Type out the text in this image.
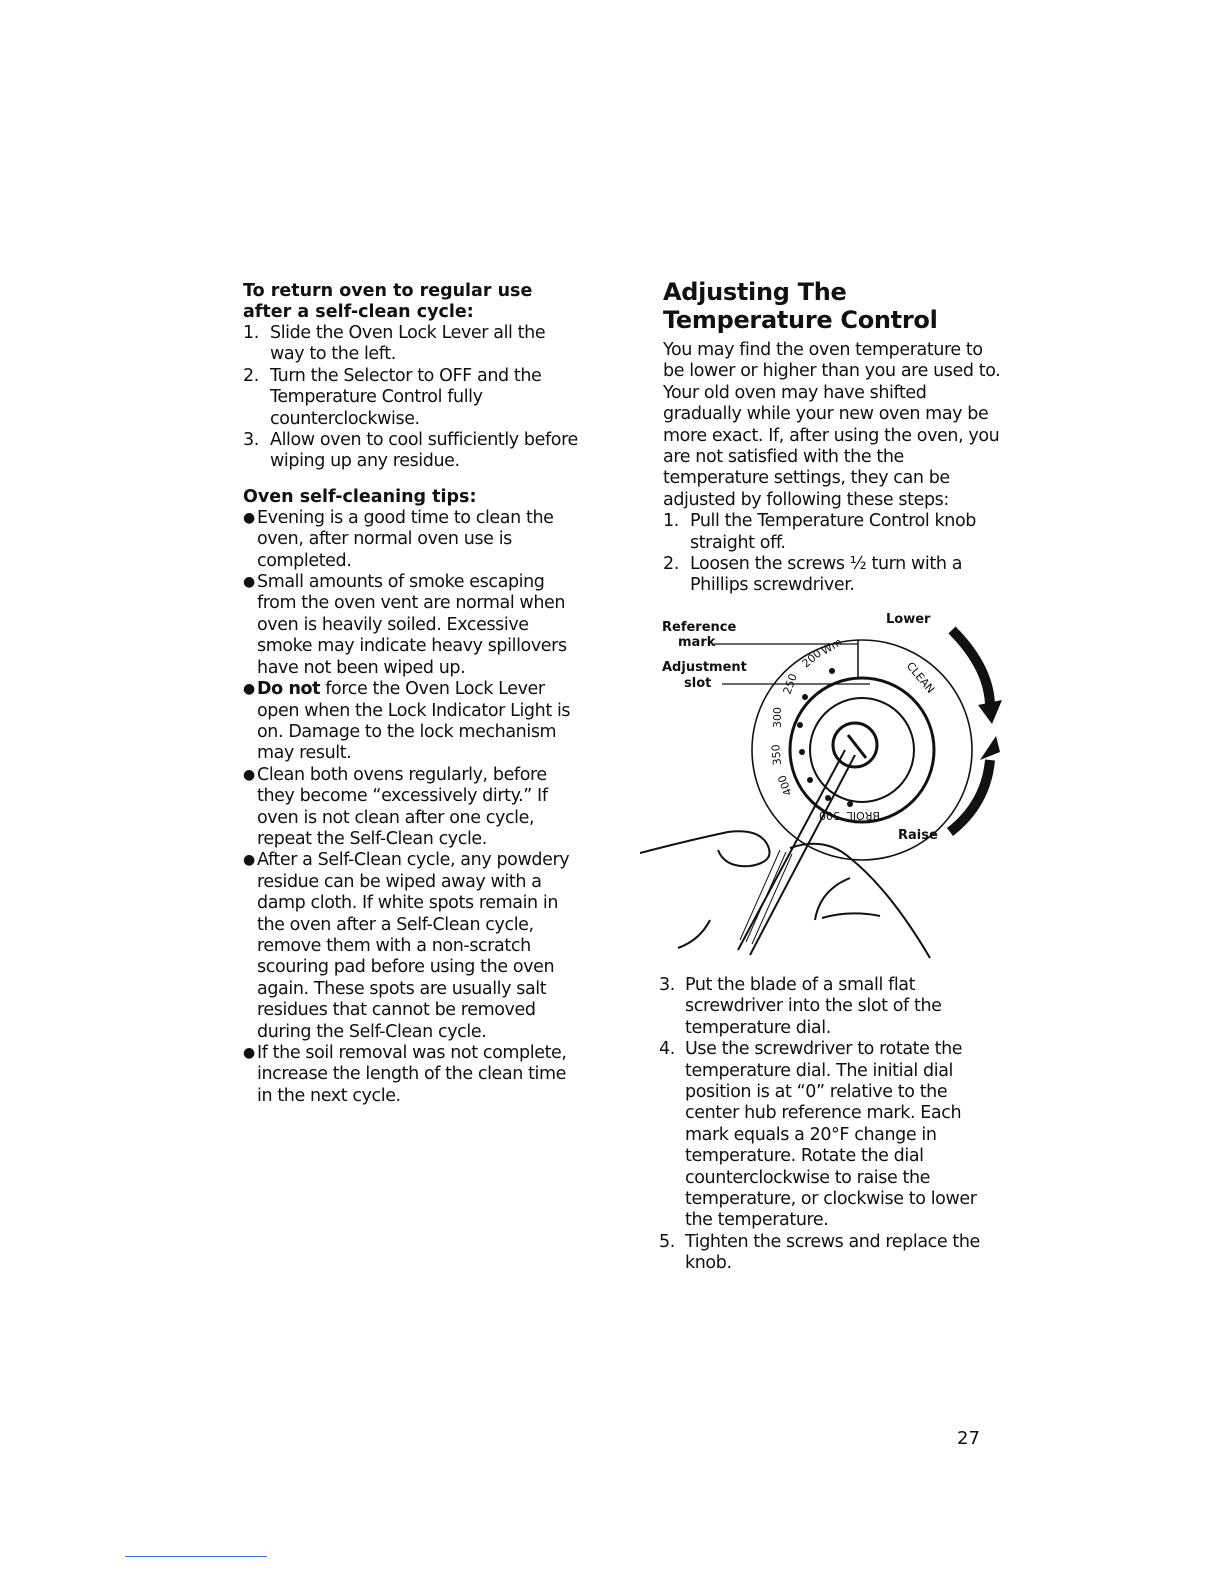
To return oven to regular use after a self-clean cycle:

1. Slide the Oven Lock Lever all the way to the left.
2. Turn the Selector to OFF and the Temperature Control fully counterclockwise.
3. Allow oven to cool sufficiently before wiping up any residue.

Oven self-cleaning tips:

● Evening is a good time to clean the oven, after normal oven use is completed.
● Small amounts of smoke escaping from the oven vent are normal when oven is heavily soiled. Excessive smoke may indicate heavy spillovers have not been wiped up.
● Do not force the Oven Lock Lever open when the Lock Indicator Light is on. Damage to the lock mechanism may result.
● Clean both ovens regularly, before they become “excessively dirty.” If oven is not clean after one cycle, repeat the Self-Clean cycle.
● After a Self-Clean cycle, any powdery residue can be wiped away with a damp cloth. If white spots remain in the oven after a Self-Clean cycle, remove them with a non-scratch scouring pad before using the oven again. These spots are usually salt residues that cannot be removed during the Self-Clean cycle.
● If the soil removal was not complete, increase the length of the clean time in the next cycle.
Adjusting The Temperature Control
You may find the oven temperature to be lower or higher than you are used to. Your old oven may have shifted gradually while your new oven may be more exact. If, after using the oven, you are not satisfied with the the temperature settings, they can be adjusted by following these steps:
1. Pull the Temperature Control knob straight off.
2. Loosen the screws ½ turn with a Phillips screwdriver.
Reference
mark
Adjustment
slot
Lower
Raise
200
Wm
250
300
350
400
500 BROIL
CLEAN
3. Put the blade of a small flat screwdriver into the slot of the temperature dial.
4. Use the screwdriver to rotate the temperature dial. The initial dial position is at “0” relative to the center hub reference mark. Each mark equals a 20°F change in temperature. Rotate the dial counterclockwise to raise the temperature, or clockwise to lower the temperature.
5. Tighten the screws and replace the knob.
27
